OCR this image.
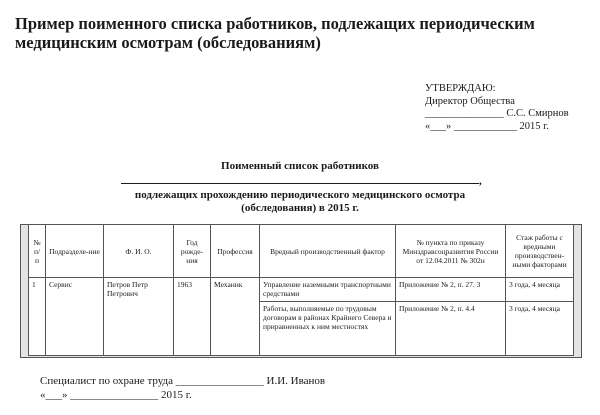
Пример поименного списка работников, подлежащих периодическим медицинским осмотрам (обследованиям)
УТВЕРЖДАЮ:
Директор Общества
_______________ С.С. Смирнов
«___» ____________ 2015 г.
Поименный список работников
,
подлежащих прохождению периодического медицинского осмотра
(обследования) в 2015 г.
№ п/п	Подразделе-ние	Ф. И. О.	Год рожде-ния	Профессия	Вредный производственный фактор	№ пункта по приказу Минздравсоцразвития России от 12.04.2011 № 302н	Стаж работы с вредными производствен-ными факторами
1	Сервис	Петров Петр Петрович	1963	Механик	Управление наземными транспортными средствами	Приложение № 2, п. 27. 3	3 года, 4 месяца
					Работы, выполняемые по трудовым договорам в районах Крайнего Севера и приравненных к ним местностях	Приложение № 2, п. 4.4	3 года, 4 месяца
Специалист по охране труда ________________ И.И. Иванов
«___» ________________ 2015 г.
